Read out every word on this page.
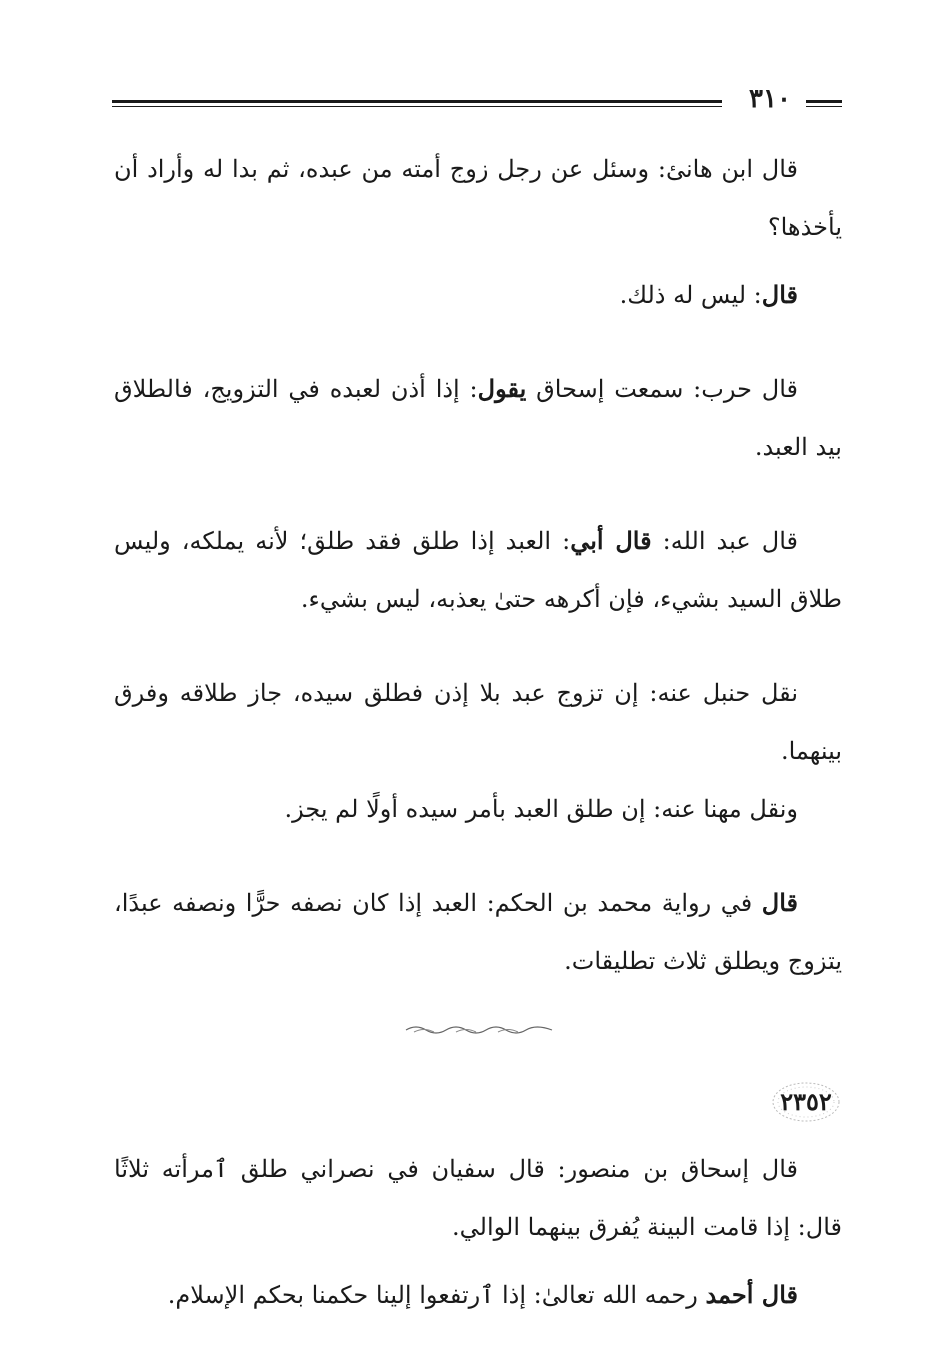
٣١٠

قال ابن هانئ: وسئل عن رجل زوج أمته من عبده، ثم بدا له وأراد أن يأخذها؟

قال: ليس له ذلك.

قال حرب: سمعت إسحاق يقول: إذا أذن لعبده في التزويج، فالطلاق بيد العبد.

قال عبد الله: قال أبي: العبد إذا طلق فقد طلق؛ لأنه يملكه، وليس طلاق السيد بشيء، فإن أكرهه حتىٰ يعذبه، ليس بشيء.

نقل حنبل عنه: إن تزوج عبد بلا إذن فطلق سيده، جاز طلاقه وفرق بينهما.

ونقل مهنا عنه: إن طلق العبد بأمر سيده أولًا لم يجز.

قال في رواية محمد بن الحكم: العبد إذا كان نصفه حرًّا ونصفه عبدًا، يتزوج ويطلق ثلاث تطليقات.

٢٣٥٢

قال إسحاق بن منصور: قال سفيان في نصراني طلق ٱمرأته ثلاثًا قال: إذا قامت البينة يُفرق بينهما الوالي.

قال أحمد رحمه الله تعالىٰ: إذا ٱرتفعوا إلينا حكمنا بحكم الإسلام.
